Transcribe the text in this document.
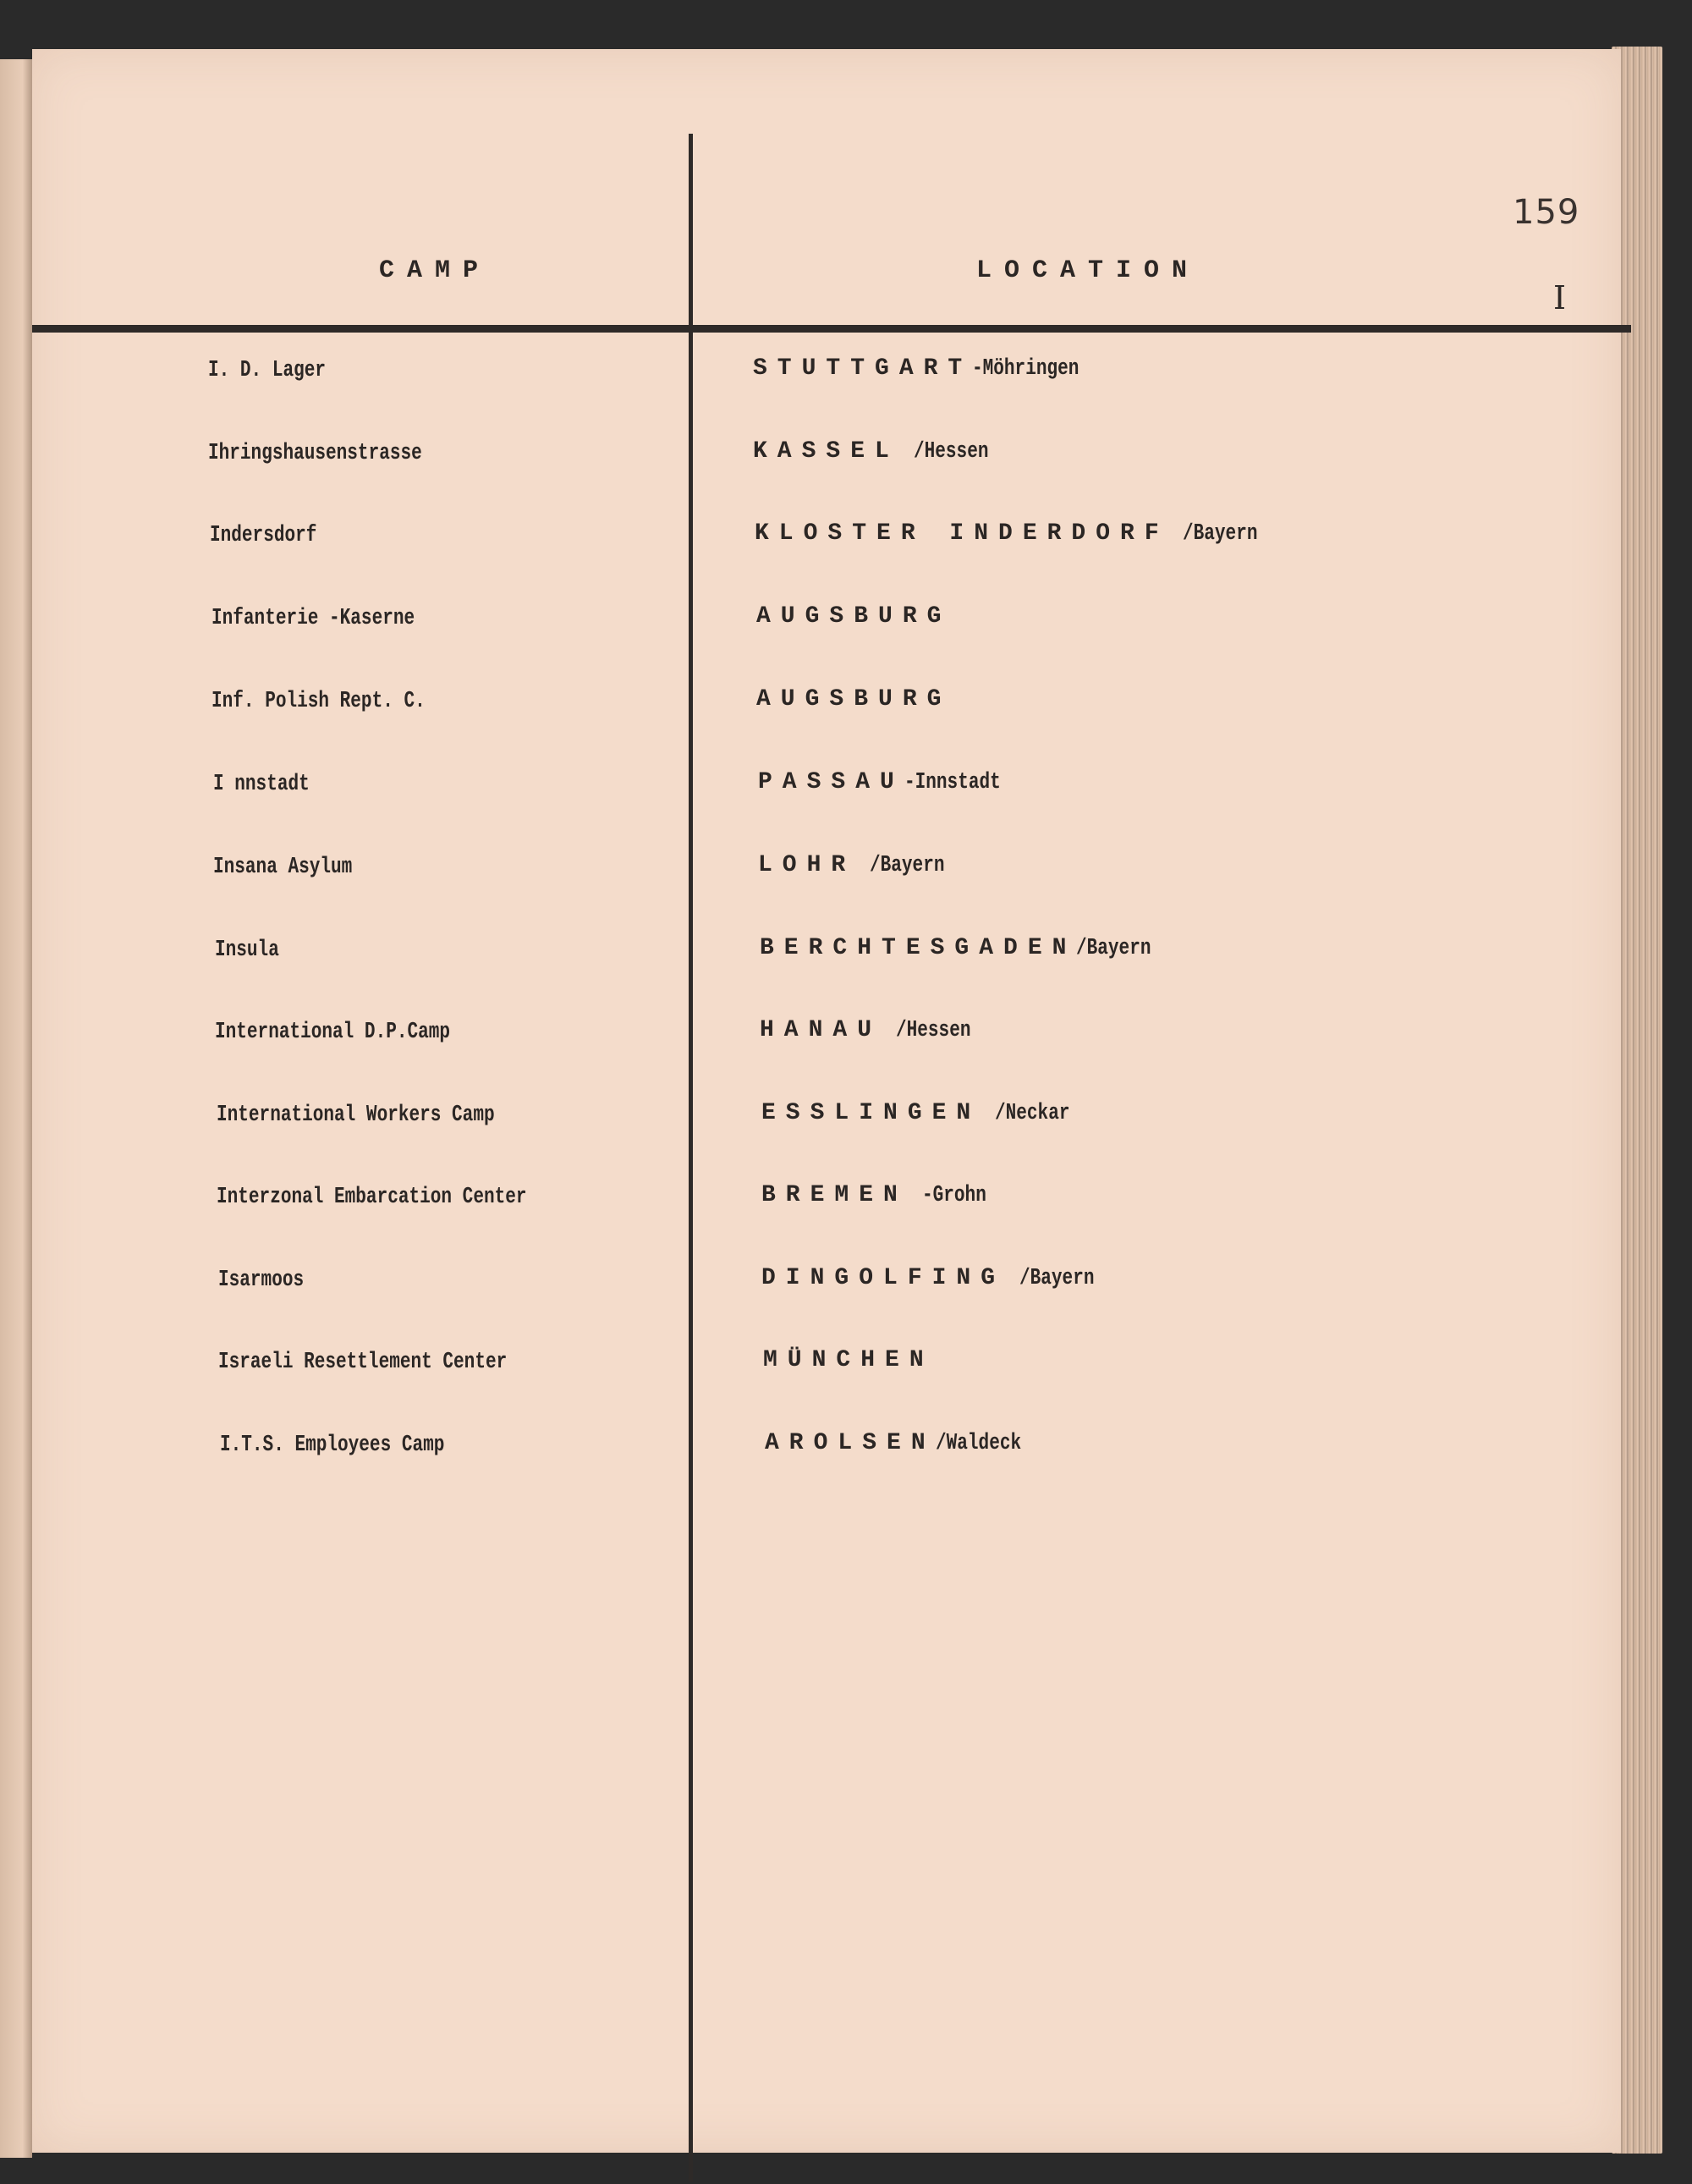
159
I
CAMP	LOCATION
I. D. Lager
Ihringshausenstrasse
Indersdorf
Infanterie -Kaserne
Inf. Polish Rept. C.
I nnstadt
Insana Asylum
Insula
International D.P.Camp
International Workers Camp
Interzonal Embarcation Center
Isarmoos
Israeli Resettlement Center
I.T.S. Employees Camp
STUTTGART-Möhringen
KASSEL /Hessen
KLOSTER INDERDORF /Bayern
AUGSBURG
AUGSBURG
PASSAU-Innstadt
LOHR /Bayern
BERCHTESGADEN/Bayern
HANAU /Hessen
ESSLINGEN /Neckar
BREMEN -Grohn
DINGOLFING /Bayern
MÜNCHEN
AROLSEN/Waldeck
